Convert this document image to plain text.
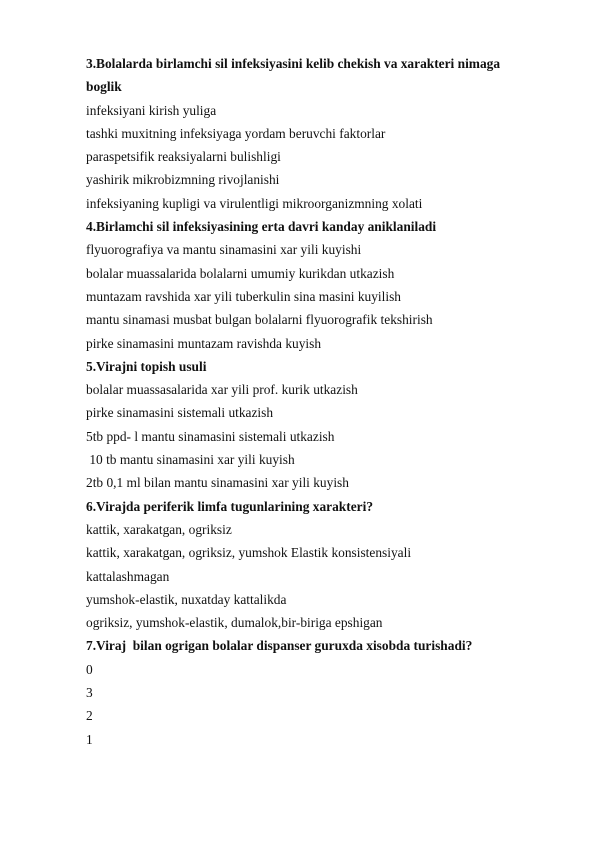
3.Bolalarda birlamchi sil infeksiyasini kelib chekish va xarakteri nimaga
boglik
infeksiyani kirish yuliga
tashki muxitning infeksiyaga yordam beruvchi faktorlar
paraspetsifik reaksiyalarni bulishligi
yashirik mikrobizmning rivojlanishi
infeksiyaning kupligi va virulentligi mikroorganizmning xolati
4.Birlamchi sil infeksiyasining erta davri kanday aniklaniladi
flyuorografiya va mantu sinamasini xar yili kuyishi
bolalar muassalarida bolalarni umumiy kurikdan utkazish
muntazam ravshida xar yili tuberkulin sina masini kuyilish
mantu sinamasi musbat bulgan bolalarni flyuorografik tekshirish
pirke sinamasini muntazam ravishda kuyish
5.Virajni topish usuli
bolalar muassasalarida xar yili prof. kurik utkazish
pirke sinamasini sistemali utkazish
5tb ppd- l mantu sinamasini sistemali utkazish
10 tb mantu sinamasini xar yili kuyish
2tb 0,1 ml bilan mantu sinamasini xar yili kuyish
6.Virajda periferik limfa tugunlarining xarakteri?
kattik, xarakatgan, ogriksiz
kattik, xarakatgan, ogriksiz, yumshok Elastik konsistensiyali
kattalashmagan
yumshok-elastik, nuxatday kattalikda
ogriksiz, yumshok-elastik, dumalok,bir-biriga epshigan
7.Viraj  bilan ogrigan bolalar dispanser guruxda xisobda turishadi?
0
3
2
1
